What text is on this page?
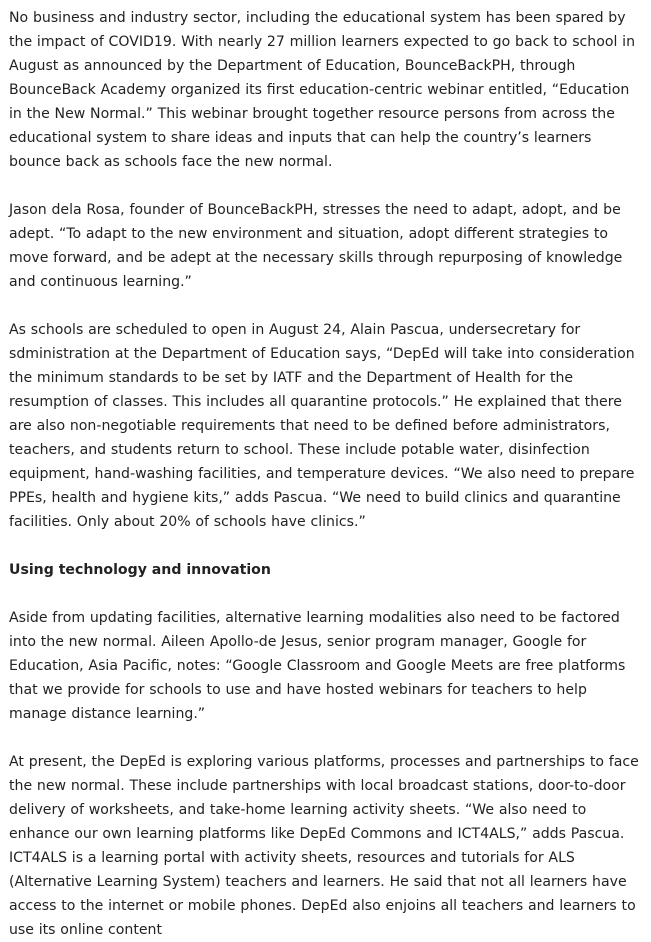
No business and industry sector, including the educational system has been spared by the impact of COVID19. With nearly 27 million learners expected to go back to school in August as announced by the Department of Education, BounceBackPH, through BounceBack Academy organized its first education-centric webinar entitled, “Education in the New Normal.” This webinar brought together resource persons from across the educational system to share ideas and inputs that can help the country’s learners bounce back as schools face the new normal.

Jason dela Rosa, founder of BounceBackPH, stresses the need to adapt, adopt, and be adept. “To adapt to the new environment and situation, adopt different strategies to move forward, and be adept at the necessary skills through repurposing of knowledge and continuous learning.”

As schools are scheduled to open in August 24, Alain Pascua, undersecretary for sdministration at the Department of Education says, “DepEd will take into consideration the minimum standards to be set by IATF and the Department of Health for the resumption of classes. This includes all quarantine protocols.” He explained that there are also non-negotiable requirements that need to be defined before administrators, teachers, and students return to school. These include potable water, disinfection equipment, hand-washing facilities, and temperature devices. “We also need to prepare PPEs, health and hygiene kits,” adds Pascua. “We need to build clinics and quarantine facilities. Only about 20% of schools have clinics.”

Using technology and innovation

Aside from updating facilities, alternative learning modalities also need to be factored into the new normal. Aileen Apollo-de Jesus, senior program manager, Google for Education, Asia Pacific, notes: “Google Classroom and Google Meets are free platforms that we provide for schools to use and have hosted webinars for teachers to help manage distance learning.”

At present, the DepEd is exploring various platforms, processes and partnerships to face the new normal. These include partnerships with local broadcast stations, door-to-door delivery of worksheets, and take-home learning activity sheets. “We also need to enhance our own learning platforms like DepEd Commons and ICT4ALS,” adds Pascua. ICT4ALS is a learning portal with activity sheets, resources and tutorials for ALS (Alternative Learning System) teachers and learners. He said that not all learners have access to the internet or mobile phones. DepEd also enjoins all teachers and learners to use its online content
